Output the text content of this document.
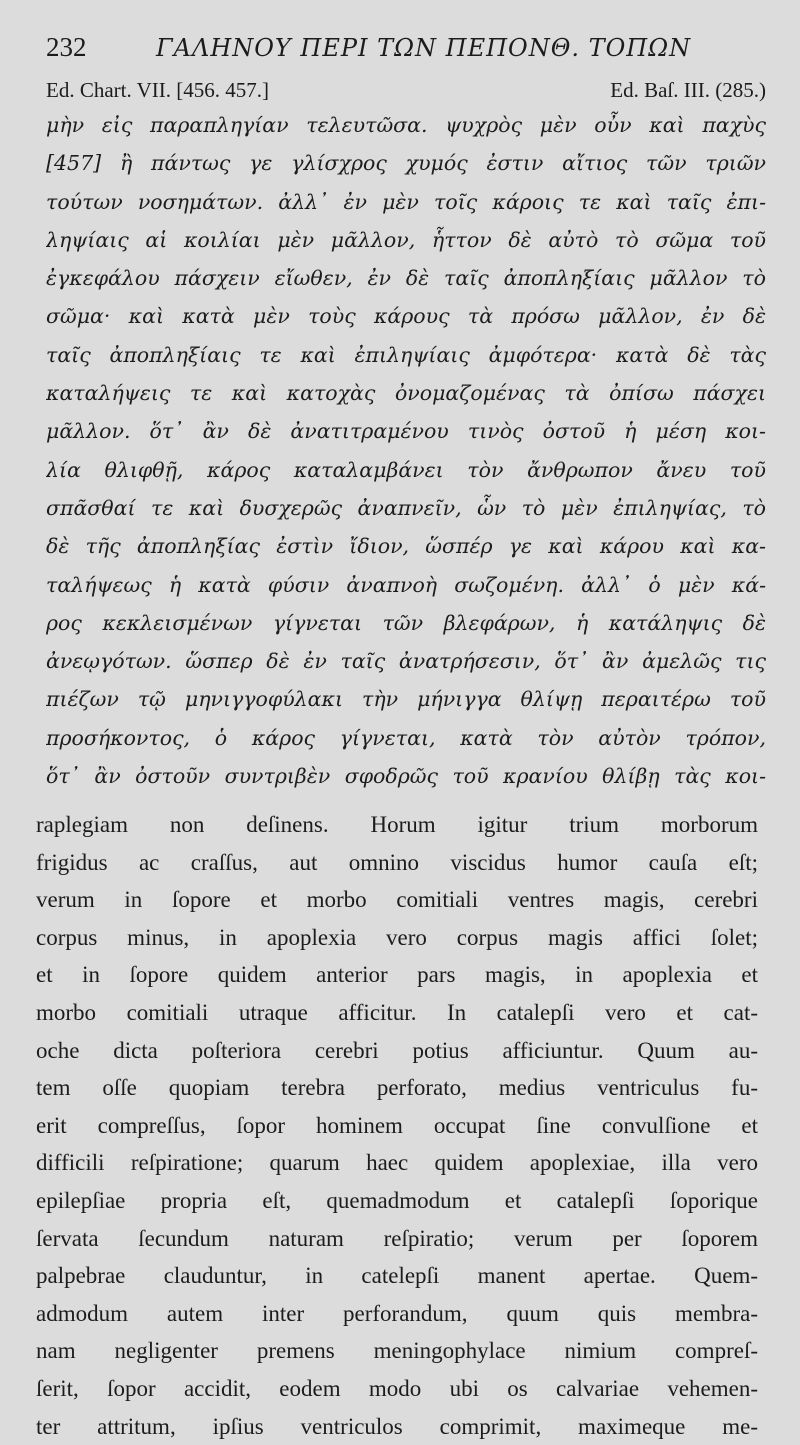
232	ΓΑΛΗΝΟΥ ΠΕΡΙ ΤΩΝ ΠΕΠΟΝΘ. ΤΟΠΩΝ
Ed. Chart. VII. [456. 457.]	Ed. Baſ. III. (285.)
μὴν εἰς παραπληγίαν τελευτῶσα. ψυχρὸς μὲν οὖν καὶ παχὺς
[457] ἢ πάντως γε γλίσχρος χυμός ἐστιν αἴτιος τῶν τριῶν
τούτων νοσημάτων. ἀλλ᾽ ἐν μὲν τοῖς κάροις τε καὶ ταῖς ἐπι-
ληψίαις αἱ κοιλίαι μὲν μᾶλλον, ἧττον δὲ αὐτὸ τὸ σῶμα τοῦ
ἐγκεφάλου πάσχειν εἴωθεν, ἐν δὲ ταῖς ἀποπληξίαις μᾶλλον τὸ
σῶμα· καὶ κατὰ μὲν τοὺς κάρους τὰ πρόσω μᾶλλον, ἐν δὲ
ταῖς ἀποπληξίαις τε καὶ ἐπιληψίαις ἀμφότερα· κατὰ δὲ τὰς
καταλήψεις τε καὶ κατοχὰς ὀνομαζομένας τὰ ὀπίσω πάσχει
μᾶλλον. ὅτ᾽ ἂν δὲ ἀνατιτραμένου τινὸς ὀστοῦ ἡ μέση κοι-
λία θλιφθῇ, κάρος καταλαμβάνει τὸν ἄνθρωπον ἄνευ τοῦ
σπᾶσθαί τε καὶ δυσχερῶς ἀναπνεῖν, ὧν τὸ μὲν ἐπιληψίας, τὸ
δὲ τῆς ἀποπληξίας ἐστὶν ἴδιον, ὥσπέρ γε καὶ κάρου καὶ κα-
ταλήψεως ἡ κατὰ φύσιν ἀναπνοὴ σωζομένη. ἀλλ᾽ ὁ μὲν κά-
ρος κεκλεισμένων γίγνεται τῶν βλεφάρων, ἡ κατάληψις δὲ
ἀνεῳγότων. ὥσπερ δὲ ἐν ταῖς ἀνατρήσεσιν, ὅτ᾽ ἂν ἀμελῶς τις
πιέζων τῷ μηνιγγοφύλακι τὴν μήνιγγα θλίψῃ περαιτέρω τοῦ
προσήκοντος, ὁ κάρος γίγνεται, κατὰ τὸν αὐτὸν τρόπον,
ὅτ᾽ ἂν ὀστοῦν συντριβὲν σφοδρῶς τοῦ κρανίου θλίβῃ τὰς κοι-
raplegiam non deſinens. Horum igitur trium morborum
frigidus ac craſſus, aut omnino viscidus humor cauſa eſt;
verum in ſopore et morbo comitiali ventres magis, cerebri
corpus minus, in apoplexia vero corpus magis affici ſolet;
et in ſopore quidem anterior pars magis, in apoplexia et
morbo comitiali utraque afficitur. In catalepſi vero et cat-
oche dicta poſteriora cerebri potius afficiuntur. Quum au-
tem oſſe quopiam terebra perforato, medius ventriculus fu-
erit compreſſus, ſopor hominem occupat ſine convulſione et
difficili reſpiratione; quarum haec quidem apoplexiae, illa vero
epilepſiae propria eſt, quemadmodum et catalepſi ſoporique
ſervata ſecundum naturam reſpiratio; verum per ſoporem
palpebrae clauduntur, in catelepſi manent apertae. Quem-
admodum autem inter perforandum, quum quis membra-
nam negligenter premens meningophylace nimium compreſ-
ſerit, ſopor accidit, eodem modo ubi os calvariae vehemen-
ter attritum, ipſius ventriculos comprimit, maximeque me-
